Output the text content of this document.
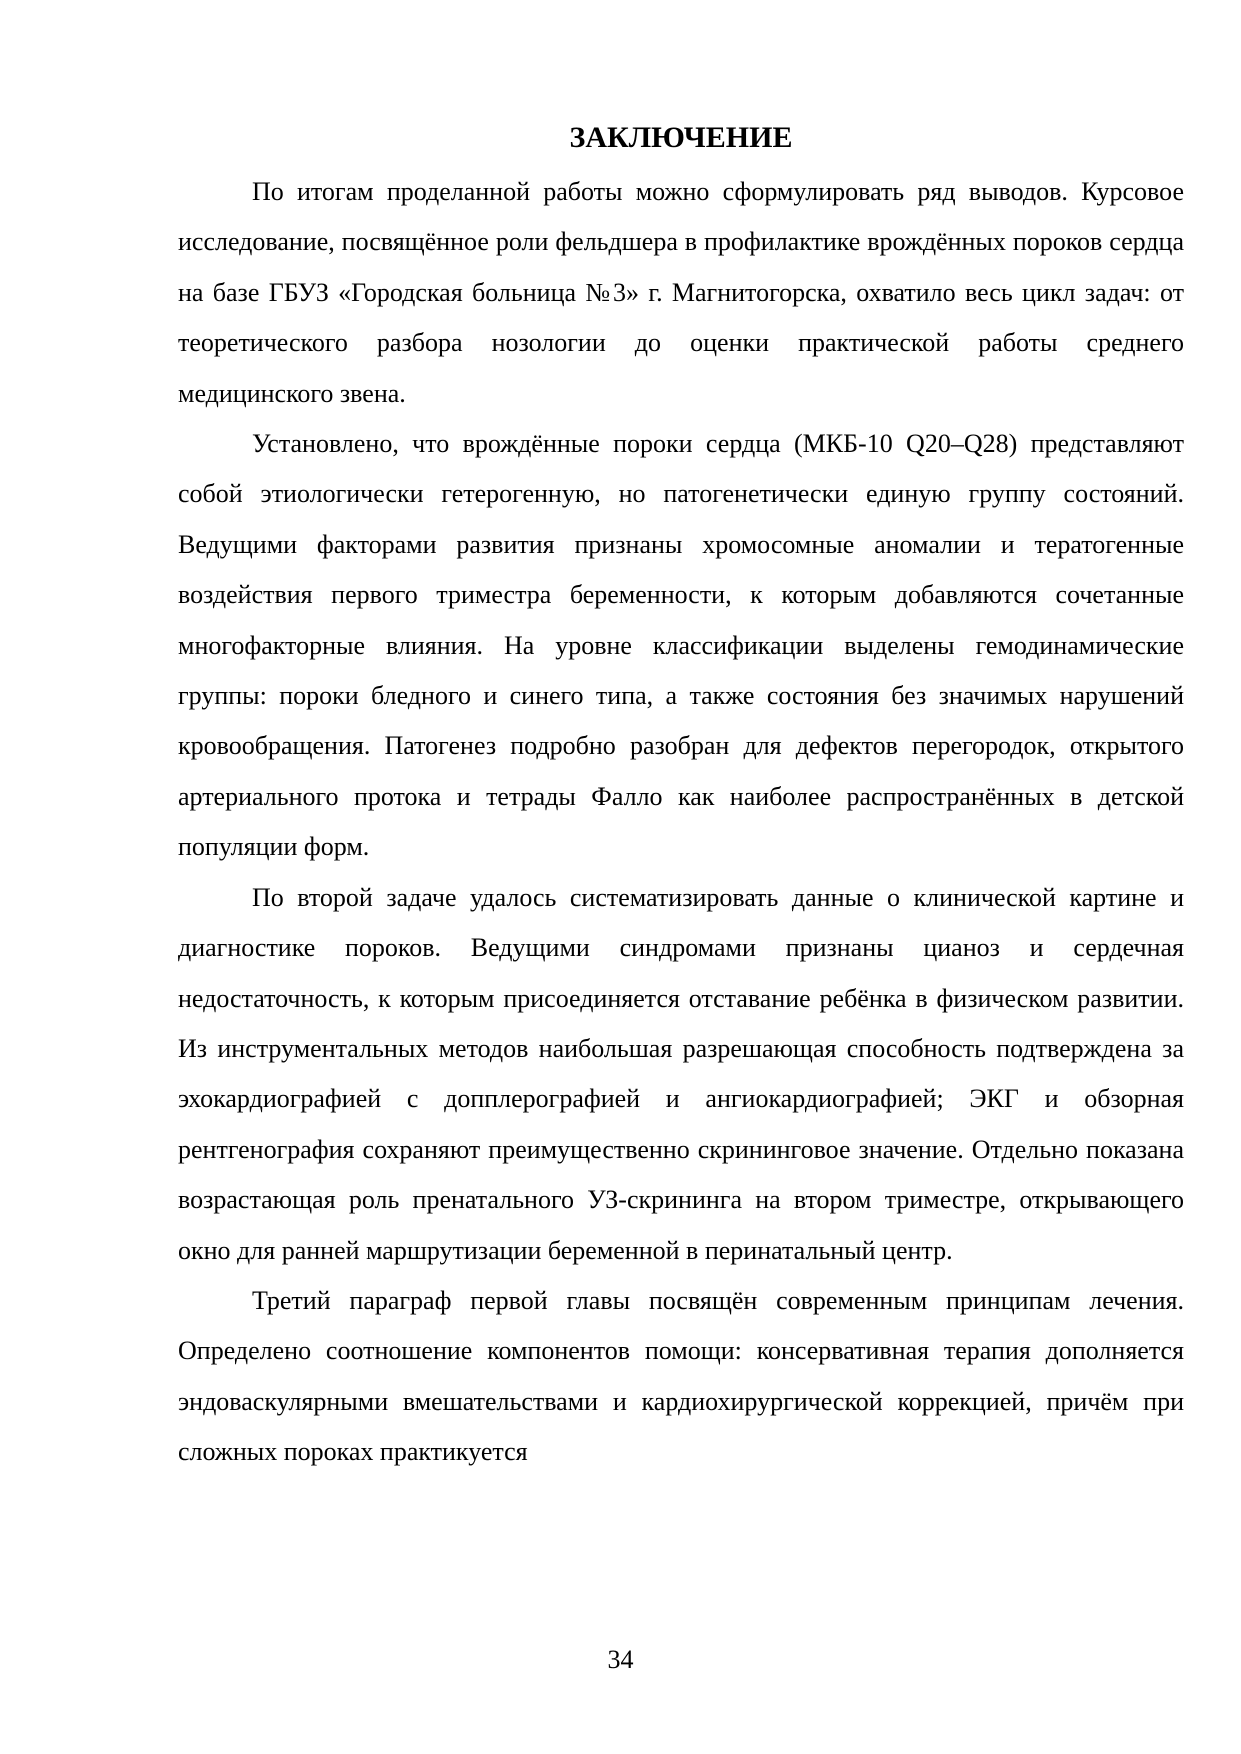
ЗАКЛЮЧЕНИЕ

По итогам проделанной работы можно сформулировать ряд выводов. Курсовое исследование, посвящённое роли фельдшера в профилактике врождённых пороков сердца на базе ГБУЗ «Городская больница №3» г. Магнитогорска, охватило весь цикл задач: от теоретического разбора нозологии до оценки практической работы среднего медицинского звена.

Установлено, что врождённые пороки сердца (МКБ-10 Q20–Q28) представляют собой этиологически гетерогенную, но патогенетически единую группу состояний. Ведущими факторами развития признаны хромосомные аномалии и тератогенные воздействия первого триместра беременности, к которым добавляются сочетанные многофакторные влияния. На уровне классификации выделены гемодинамические группы: пороки бледного и синего типа, а также состояния без значимых нарушений кровообращения. Патогенез подробно разобран для дефектов перегородок, открытого артериального протока и тетрады Фалло как наиболее распространённых в детской популяции форм.

По второй задаче удалось систематизировать данные о клинической картине и диагностике пороков. Ведущими синдромами признаны цианоз и сердечная недостаточность, к которым присоединяется отставание ребёнка в физическом развитии. Из инструментальных методов наибольшая разрешающая способность подтверждена за эхокардиографией с допплерографией и ангиокардиографией; ЭКГ и обзорная рентгенография сохраняют преимущественно скрининговое значение. Отдельно показана возрастающая роль пренатального УЗ-скрининга на втором триместре, открывающего окно для ранней маршрутизации беременной в перинатальный центр.

Третий параграф первой главы посвящён современным принципам лечения. Определено соотношение компонентов помощи: консервативная терапия дополняется эндоваскулярными вмешательствами и кардиохирургической коррекцией, причём при сложных пороках практикуется

34
